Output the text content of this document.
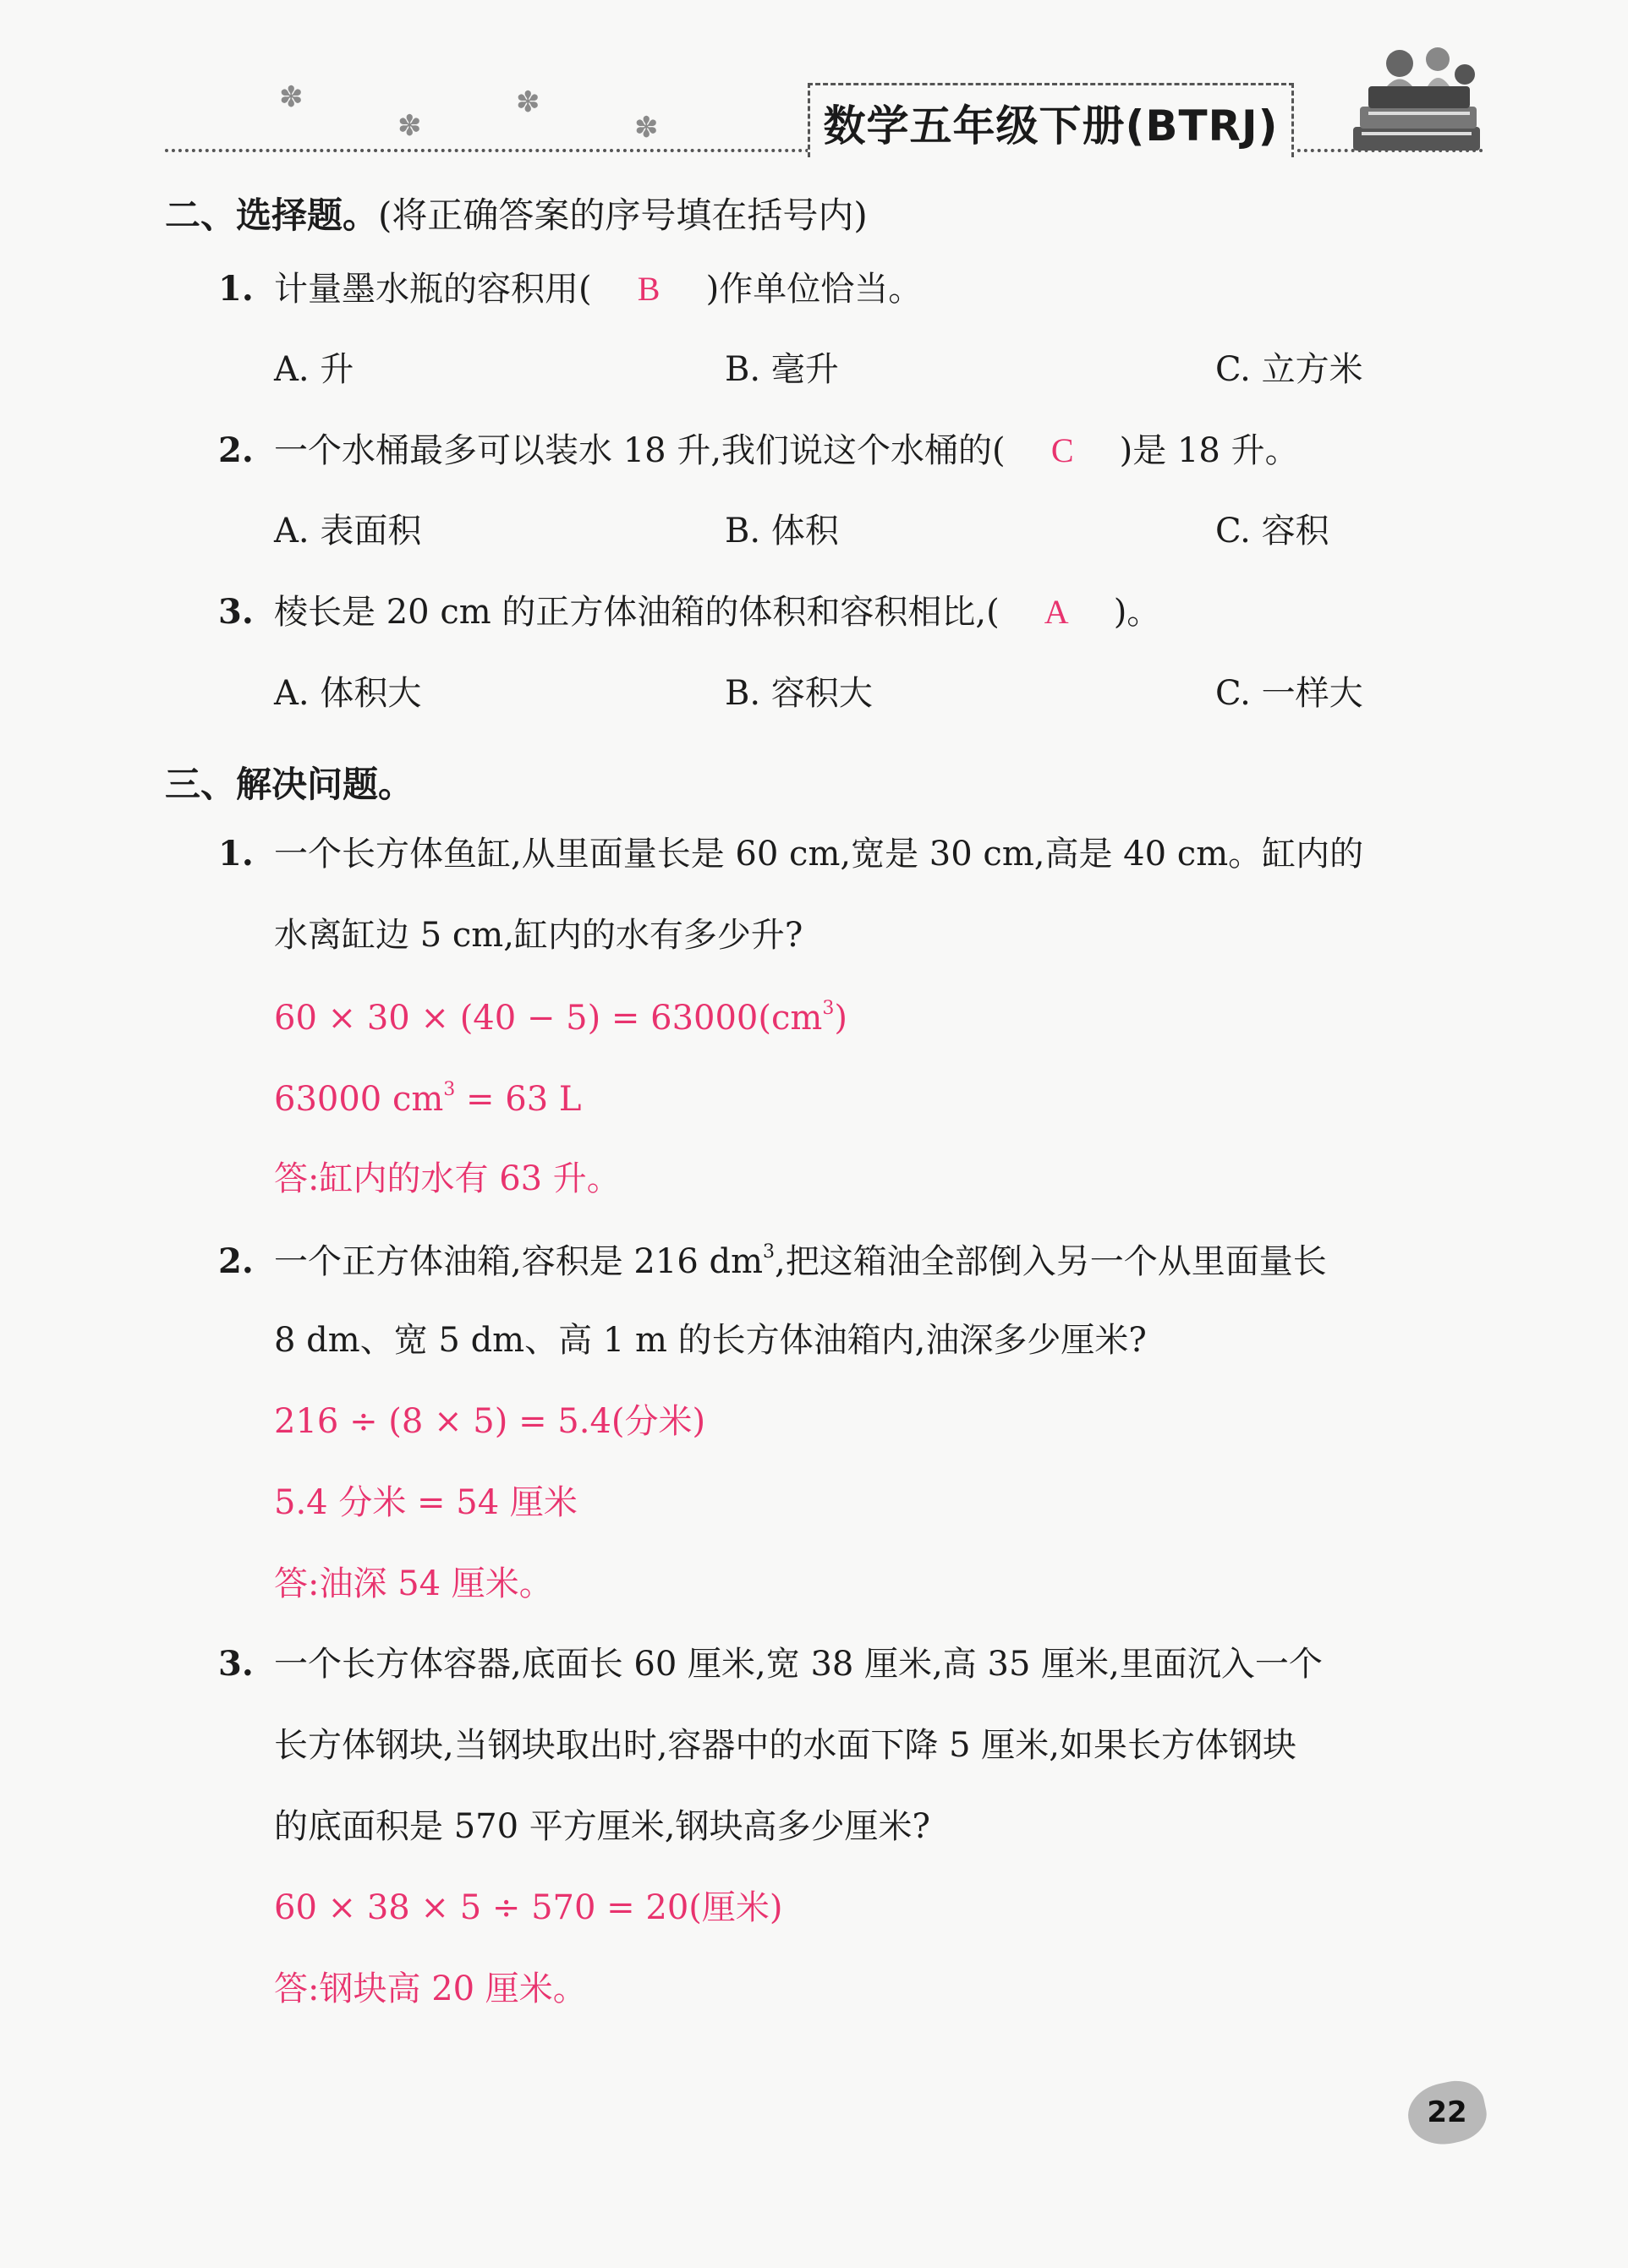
✽
✽
✽
✽	数学五年级下册(BTRJ)
二、选择题。(将正确答案的序号填在括号内)
1. 计量墨水瓶的容积用( B )作单位恰当。
A. 升	B. 毫升	C. 立方米
2. 一个水桶最多可以装水 18 升,我们说这个水桶的( C )是 18 升。
A. 表面积	B. 体积	C. 容积
3. 棱长是 20 cm 的正方体油箱的体积和容积相比,( A )。
A. 体积大	B. 容积大	C. 一样大
三、解决问题。
1. 一个长方体鱼缸,从里面量长是 60 cm,宽是 30 cm,高是 40 cm。缸内的
水离缸边 5 cm,缸内的水有多少升?
$60 \times 30 \times (40 - 5) = 63000(cm^3)$
63000 $cm^3 = 63$ L
答:缸内的水有 63 升。
2. 一个正方体油箱,容积是 216 $dm^3$,把这箱油全部倒入另一个从里面量长
8 dm、宽 5 dm、高 1 m 的长方体油箱内,油深多少厘米?
216 ÷ (8 × 5) = 5.4(分米)
5.4 分米 = 54 厘米
答:油深 54 厘米。
3. 一个长方体容器,底面长 60 厘米,宽 38 厘米,高 35 厘米,里面沉入一个
长方体钢块,当钢块取出时,容器中的水面下降 5 厘米,如果长方体钢块
的底面积是 570 平方厘米,钢块高多少厘米?
60 × 38 × 5 ÷ 570 = 20(厘米)
答:钢块高 20 厘米。
22
